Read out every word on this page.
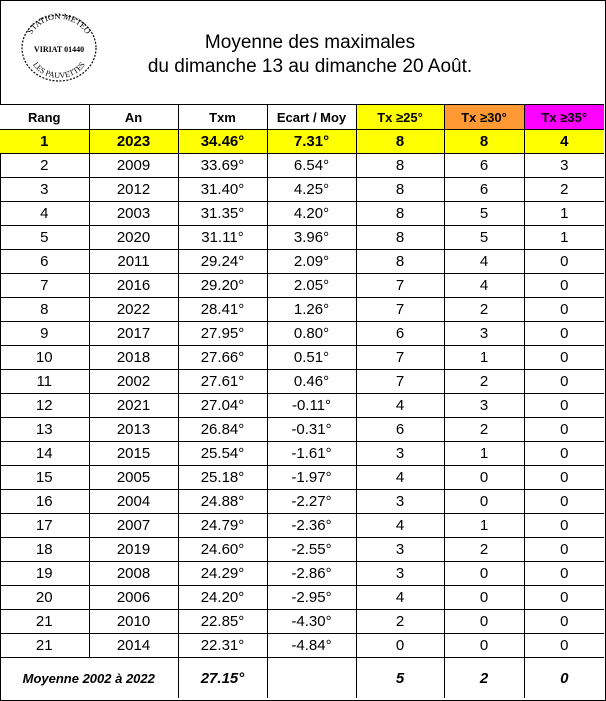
STATION METEO
VIRIAT 01440
LES PAUVETTES
Moyenne des maximales
du dimanche 13 au dimanche 20 Août.
Rang	An	Txm	Ecart / Moy	Tx ≥25°	Tx ≥30°	Tx ≥35°
1	2023	34.46°	7.31°	8	8	4
2	2009	33.69°	6.54°	8	6	3
3	2012	31.40°	4.25°	8	6	2
4	2003	31.35°	4.20°	8	5	1
5	2020	31.11°	3.96°	8	5	1
6	2011	29.24°	2.09°	8	4	0
7	2016	29.20°	2.05°	7	4	0
8	2022	28.41°	1.26°	7	2	0
9	2017	27.95°	0.80°	6	3	0
10	2018	27.66°	0.51°	7	1	0
11	2002	27.61°	0.46°	7	2	0
12	2021	27.04°	-0.11°	4	3	0
13	2013	26.84°	-0.31°	6	2	0
14	2015	25.54°	-1.61°	3	1	0
15	2005	25.18°	-1.97°	4	0	0
16	2004	24.88°	-2.27°	3	0	0
17	2007	24.79°	-2.36°	4	1	0
18	2019	24.60°	-2.55°	3	2	0
19	2008	24.29°	-2.86°	3	0	0
20	2006	24.20°	-2.95°	4	0	0
21	2010	22.85°	-4.30°	2	0	0
21	2014	22.31°	-4.84°	0	0	0
Moyenne 2002 à 2022		27.15°		5	2	0
